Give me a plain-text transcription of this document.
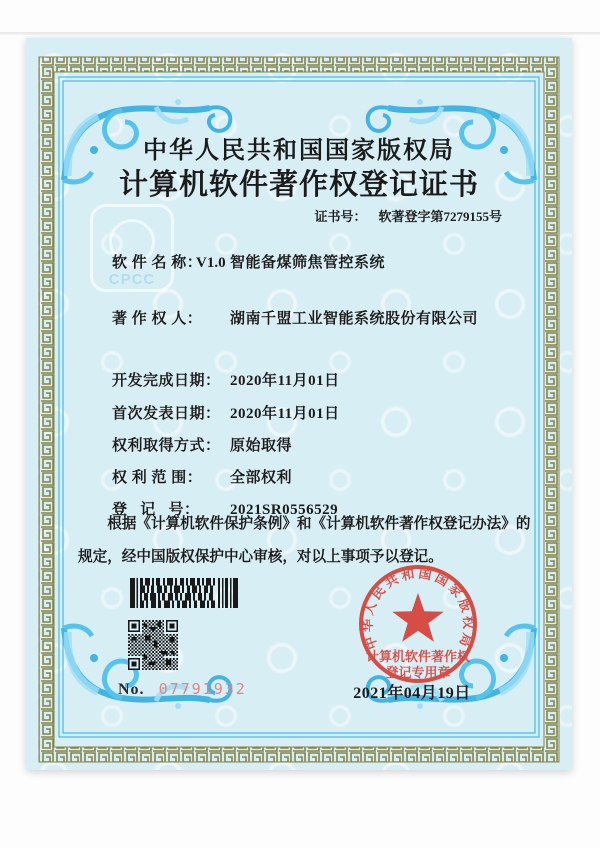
CPCC
中华人民共和国国家版权局
计算机软件著作权登记证书
证书号： 软著登字第7279155号

软 件 名 称： 智能备煤筛焦管控系统

V1.0

著 作 权 人： 湖南千盟工业智能系统股份有限公司

开发完成日期： 2020年11月01日

首次发表日期： 2020年11月01日

权利取得方式： 原始取得

权 利 范 围： 全部权利

登   记   号： 2021SR0556529

根据《计算机软件保护条例》和《计算机软件著作权登记办法》的规定，经中国版权保护中心审核，对以上事项予以登记。
No. 07791932	2021年04月19日
中华人民共和国国家版权局
计算机软件著作权
登记专用章
